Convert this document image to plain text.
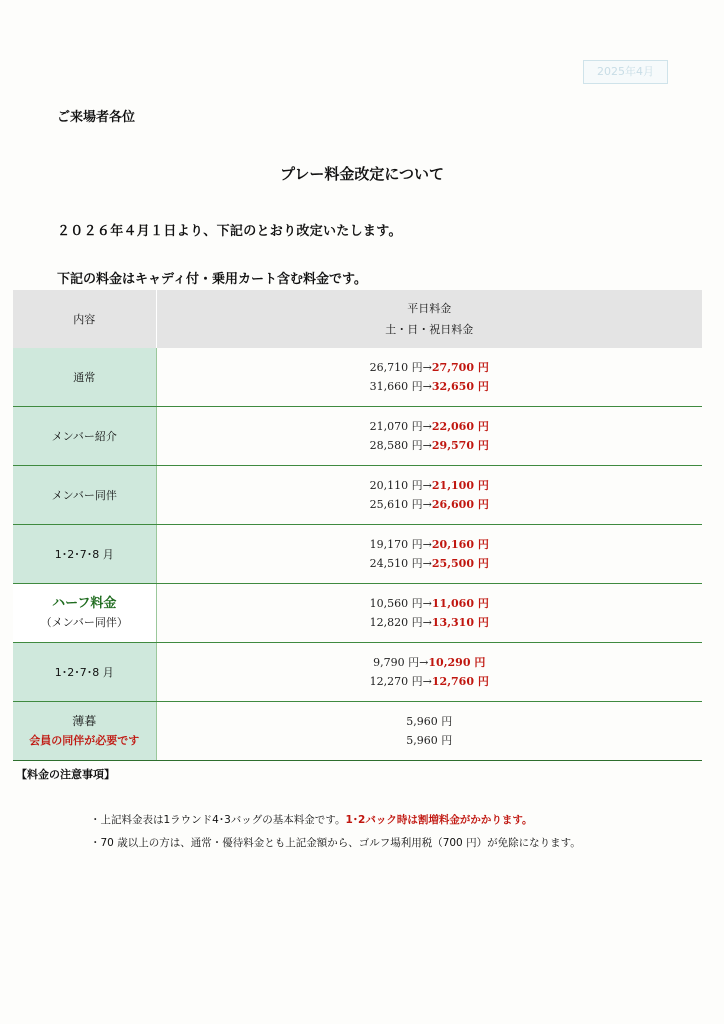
2025年4月
ご来場者各位
プレー料金改定について
２０２６年４月１日より、下記のとおり改定いたします。
下記の料金はキャディ付・乗用カート含む料金です。
内容	平日料金
土・日・祝日料金

通常	26,710 円→27,700 円
31,660 円→32,650 円

メンバー紹介	21,070 円→22,060 円
28,580 円→29,570 円

メンバー同伴	20,110 円→21,100 円
25,610 円→26,600 円

1･2･7･8 月	19,170 円→20,160 円
24,510 円→25,500 円

ハーフ料金
（メンバー同伴）	10,560 円→11,060 円
12,820 円→13,310 円

1･2･7･8 月	9,790 円→10,290 円
12,270 円→12,760 円

薄暮
会員の同伴が必要です	5,960 円
5,960 円
【料金の注意事項】
・上記料金表は1ラウンド4･3バッグの基本料金です。1･2バック時は割増料金がかかります。
・70 歳以上の方は、通常・優待料金とも上記金額から、ゴルフ場利用税（700 円）が免除になります。
